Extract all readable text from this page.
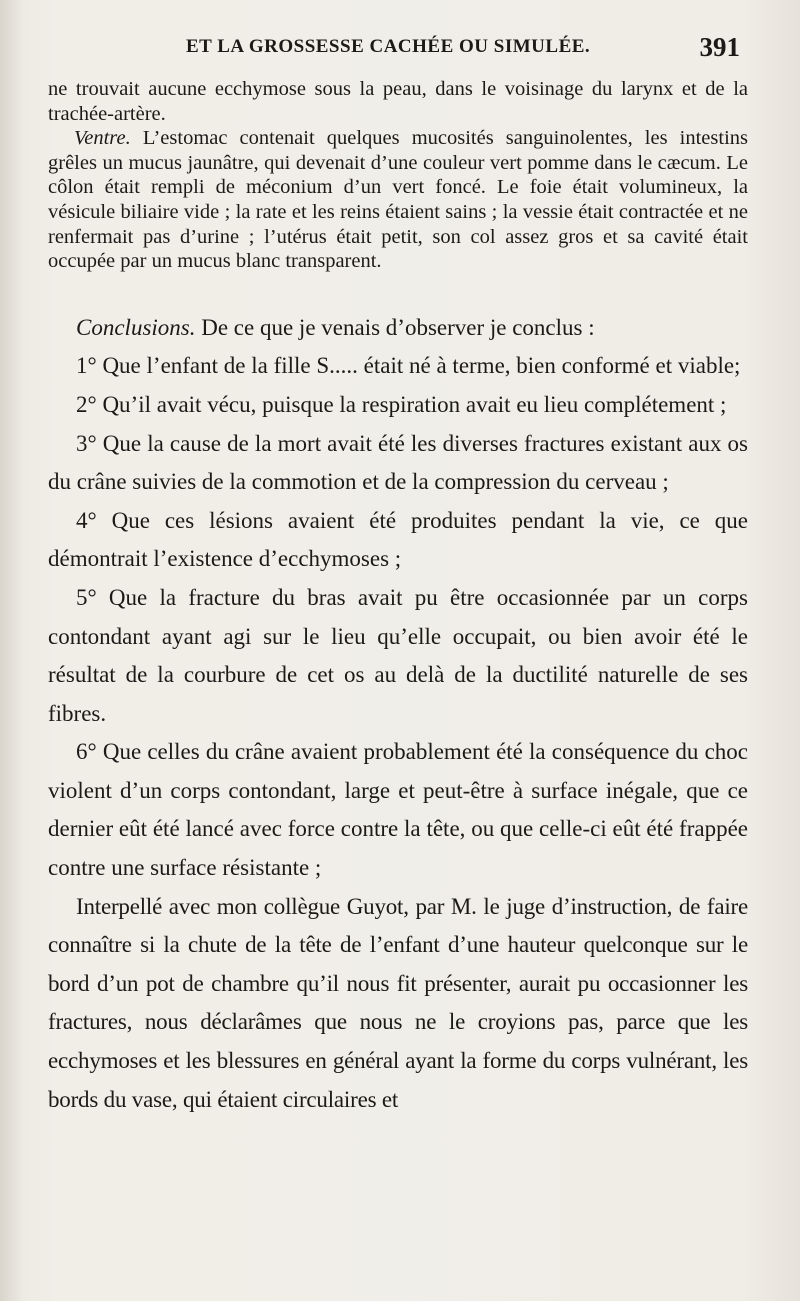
ET LA GROSSESSE CACHÉE OU SIMULÉE.	391

ne trouvait aucune ecchymose sous la peau, dans le voisinage du larynx et de la trachée-artère.

Ventre. L’estomac contenait quelques mucosités sanguinolentes, les intestins grêles un mucus jaunâtre, qui devenait d’une couleur vert pomme dans le cæcum. Le côlon était rempli de méconium d’un vert foncé. Le foie était volumineux, la vésicule biliaire vide ; la rate et les reins étaient sains ; la vessie était contractée et ne renfermait pas d’urine ; l’utérus était petit, son col assez gros et sa cavité était occupée par un mucus blanc transparent.

Conclusions. De ce que je venais d’observer je conclus :

1° Que l’enfant de la fille S..... était né à terme, bien conformé et viable;

2° Qu’il avait vécu, puisque la respiration avait eu lieu complétement ;

3° Que la cause de la mort avait été les diverses fractures existant aux os du crâne suivies de la commotion et de la compression du cerveau ;

4° Que ces lésions avaient été produites pendant la vie, ce que démontrait l’existence d’ecchymoses ;

5° Que la fracture du bras avait pu être occasionnée par un corps contondant ayant agi sur le lieu qu’elle occupait, ou bien avoir été le résultat de la courbure de cet os au delà de la ductilité naturelle de ses fibres.

6° Que celles du crâne avaient probablement été la conséquence du choc violent d’un corps contondant, large et peut-être à surface inégale, que ce dernier eût été lancé avec force contre la tête, ou que celle-ci eût été frappée contre une surface résistante ;

Interpellé avec mon collègue Guyot, par M. le juge d’instruction, de faire connaître si la chute de la tête de l’enfant d’une hauteur quelconque sur le bord d’un pot de chambre qu’il nous fit présenter, aurait pu occasionner les fractures, nous déclarâmes que nous ne le croyions pas, parce que les ecchymoses et les blessures en général ayant la forme du corps vulnérant, les bords du vase, qui étaient circulaires et
